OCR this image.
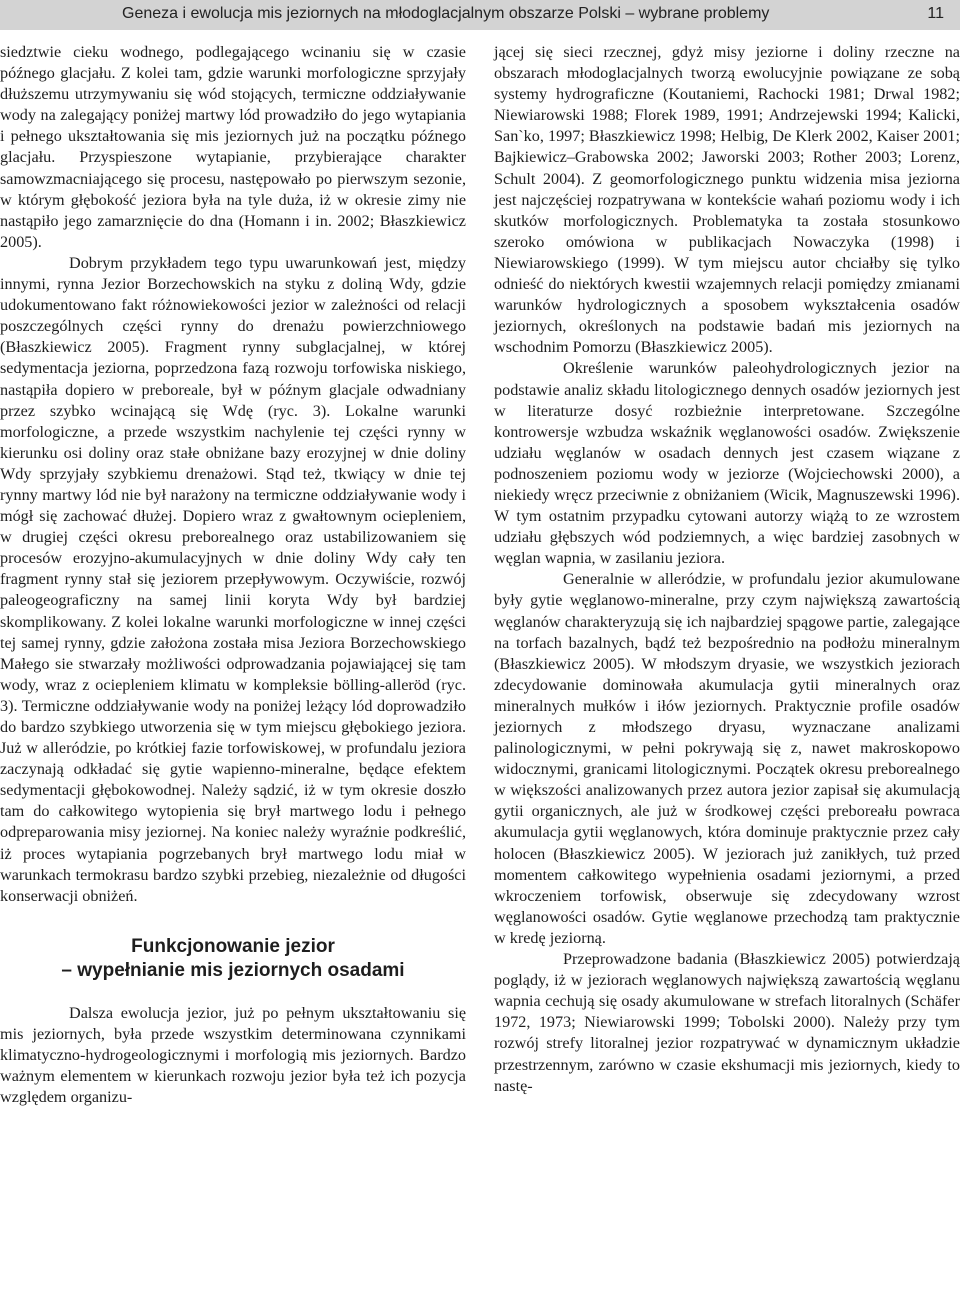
Geneza i ewolucja mis jeziornych na młodoglacjalnym obszarze Polski – wybrane problemy	11

siedztwie cieku wodnego, podlegającego wcinaniu się w czasie późnego glacjału. Z kolei tam, gdzie warunki morfologiczne sprzyjały dłuższemu utrzymywaniu się wód stojących, termiczne oddziaływanie wody na zalegający poniżej martwy lód prowadziło do jego wytapiania i pełnego ukształtowania się mis jeziornych już na początku późnego glacjału. Przyspieszone wytapianie, przybierające charakter samowzmacniającego się procesu, następowało po pierwszym sezonie, w którym głębokość jeziora była na tyle duża, iż w okresie zimy nie nastąpiło jego zamarznięcie do dna (Homann i in. 2002; Błaszkiewicz 2005).

Dobrym przykładem tego typu uwarunkowań jest, między innymi, rynna Jezior Borzechowskich na styku z doliną Wdy, gdzie udokumentowano fakt różnowiekowości jezior w zależności od relacji poszczególnych części rynny do drenażu powierzchniowego (Błaszkiewicz 2005). Fragment rynny subglacjalnej, w której sedymentacja jeziorna, poprzedzona fazą rozwoju torfowiska niskiego, nastąpiła dopiero w preboreale, był w późnym glacjale odwadniany przez szybko wcinającą się Wdę (ryc. 3). Lokalne warunki morfologiczne, a przede wszystkim nachylenie tej części rynny w kierunku osi doliny oraz stałe obniżane bazy erozyjnej w dnie doliny Wdy sprzyjały szybkiemu drenażowi. Stąd też, tkwiący w dnie tej rynny martwy lód nie był narażony na termiczne oddziaływanie wody i mógł się zachować dłużej. Dopiero wraz z gwałtownym ociepleniem, w drugiej części okresu preborealnego oraz ustabilizowaniem się procesów erozyjno-akumulacyjnych w dnie doliny Wdy cały ten fragment rynny stał się jeziorem przepływowym. Oczywiście, rozwój paleogeograficzny na samej linii koryta Wdy był bardziej skomplikowany. Z kolei lokalne warunki morfologiczne w innej części tej samej rynny, gdzie założona została misa Jeziora Borzechowskiego Małego sie stwarzały możliwości odprowadzania pojawiającej się tam wody, wraz z ociepleniem klimatu w kompleksie bölling-alleröd (ryc. 3). Termiczne oddziaływanie wody na poniżej leżący lód doprowadziło do bardzo szybkiego utworzenia się w tym miejscu głębokiego jeziora. Już w alleródzie, po krótkiej fazie torfowiskowej, w profundalu jeziora zaczynają odkładać się gytie wapienno-mineralne, będące efektem sedymentacji głębokowodnej. Należy sądzić, iż w tym okresie doszło tam do całkowitego wytopienia się brył martwego lodu i pełnego odpreparowania misy jeziornej. Na koniec należy wyraźnie podkreślić, iż proces wytapiania pogrzebanych brył martwego lodu miał w warunkach termokrasu bardzo szybki przebieg, niezależnie od długości konserwacji obniżeń.

Funkcjonowanie jezior
– wypełnianie mis jeziornych osadami

Dalsza ewolucja jezior, już po pełnym ukształtowaniu się mis jeziornych, była przede wszystkim determinowana czynnikami klimatyczno-hydrogeologicznymi i morfologią mis jeziornych. Bardzo ważnym elementem w kierunkach rozwoju jezior była też ich pozycja względem organizu-

jącej się sieci rzecznej, gdyż misy jeziorne i doliny rzeczne na obszarach młodoglacjalnych tworzą ewolucyjnie powiązane ze sobą systemy hydrograficzne (Koutaniemi, Rachocki 1981; Drwal 1982; Niewiarowski 1988; Florek 1989, 1991; Andrzejewski 1994; Kalicki, San`ko, 1997; Błaszkiewicz 1998; Helbig, De Klerk 2002, Kaiser 2001; Bajkiewicz–Grabowska 2002; Jaworski 2003; Rother 2003; Lorenz, Schult 2004). Z geomorfologicznego punktu widzenia misa jeziorna jest najczęściej rozpatrywana w kontekście wahań poziomu wody i ich skutków morfologicznych. Problematyka ta została stosunkowo szeroko omówiona w publikacjach Nowaczyka (1998) i Niewiarowskiego (1999). W tym miejscu autor chciałby się tylko odnieść do niektórych kwestii wzajemnych relacji pomiędzy zmianami warunków hydrologicznych a sposobem wykształcenia osadów jeziornych, określonych na podstawie badań mis jeziornych na wschodnim Pomorzu (Błaszkiewicz 2005).

Określenie warunków paleohydrologicznych jezior na podstawie analiz składu litologicznego dennych osadów jeziornych jest w literaturze dosyć rozbieżnie interpretowane. Szczególne kontrowersje wzbudza wskaźnik węglanowości osadów. Zwiększenie udziału węglanów w osadach dennych jest czasem wiązane z podnoszeniem poziomu wody w jeziorze (Wojciechowski 2000), a niekiedy wręcz przeciwnie z obniżaniem (Wicik, Magnuszewski 1996). W tym ostatnim przypadku cytowani autorzy wiążą to ze wzrostem udziału głębszych wód podziemnych, a więc bardziej zasobnych w węglan wapnia, w zasilaniu jeziora.

Generalnie w alleródzie, w profundalu jezior akumulowane były gytie węglanowo-mineralne, przy czym największą zawartością węglanów charakteryzują się ich najbardziej spągowe partie, zalegające na torfach bazalnych, bądź też bezpośrednio na podłożu mineralnym (Błaszkiewicz 2005). W młodszym dryasie, we wszystkich jeziorach zdecydowanie dominowała akumulacja gytii mineralnych oraz mineralnych mułków i iłów jeziornych. Praktycznie profile osadów jeziornych z młodszego dryasu, wyznaczane analizami palinologicznymi, w pełni pokrywają się z, nawet makroskopowo widocznymi, granicami litologicznymi. Początek okresu preborealnego w większości analizowanych przez autora jezior zapisał się akumulacją gytii organicznych, ale już w środkowej części preboreału powraca akumulacja gytii węglanowych, która dominuje praktycznie przez cały holocen (Błaszkiewicz 2005). W jeziorach już zanikłych, tuż przed momentem całkowitego wypełnienia osadami jeziornymi, a przed wkroczeniem torfowisk, obserwuje się zdecydowany wzrost węglanowości osadów. Gytie węglanowe przechodzą tam praktycznie w kredę jeziorną.

Przeprowadzone badania (Błaszkiewicz 2005) potwierdzają poglądy, iż w jeziorach węglanowych największą zawartością węglanu wapnia cechują się osady akumulowane w strefach litoralnych (Schäfer 1972, 1973; Niewiarowski 1999; Tobolski 2000). Należy przy tym rozwój strefy litoralnej jezior rozpatrywać w dynamicznym układzie przestrzennym, zarówno w czasie ekshumacji mis jeziornych, kiedy to nastę-
